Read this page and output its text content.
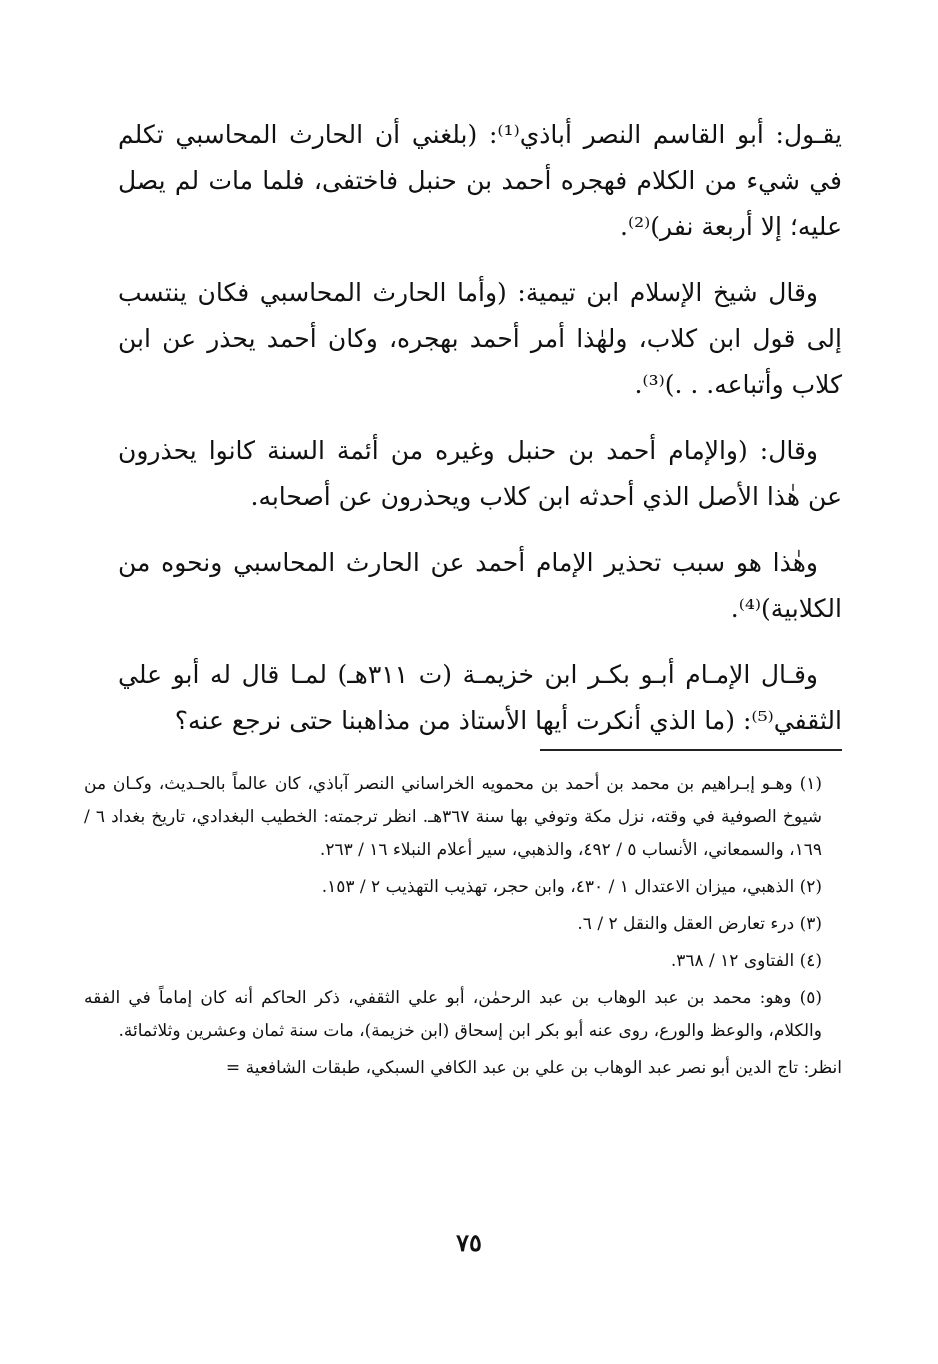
يقـول: أبو القاسم النصر أباذي⁽¹⁾: (بلغني أن الحارث المحاسبي تكلم في شيء من الكلام فهجره أحمد بن حنبل فاختفى، فلما مات لم يصل عليه؛ إلا أربعة نفر)⁽²⁾.

وقال شيخ الإسلام ابن تيمية: (وأما الحارث المحاسبي فكان ينتسب إلى قول ابن كلاب، ولهٰذا أمر أحمد بهجره، وكان أحمد يحذر عن ابن كلاب وأتباعه. . .)⁽³⁾.

وقال: (والإمام أحمد بن حنبل وغيره من أئمة السنة كانوا يحذرون عن هٰذا الأصل الذي أحدثه ابن كلاب ويحذرون عن أصحابه.

وهٰذا هو سبب تحذير الإمام أحمد عن الحارث المحاسبي ونحوه من الكلابية)⁽⁴⁾.

وقـال الإمـام أبـو بكـر ابن خزيمـة (ت ٣١١هـ) لمـا قال له أبو علي الثقفي⁽⁵⁾: (ما الذي أنكرت أيها الأستاذ من مذاهبنا حتى نرجع عنه؟

(١) وهـو إبـراهيم بن محمد بن أحمد بن محمويه الخراساني النصر آباذي، كان عالماً بالحـديث، وكـان من شيوخ الصوفية في وقته، نزل مكة وتوفي بها سنة ٣٦٧هـ. انظر ترجمته: الخطيب البغدادي، تاريخ بغداد ٦ / ١٦٩، والسمعاني، الأنساب ٥ / ٤٩٢، والذهبي، سير أعلام النبلاء ١٦ / ٢٦٣.

(٢) الذهبي، ميزان الاعتدال ١ / ٤٣٠، وابن حجر، تهذيب التهذيب ٢ / ١٥٣.

(٣) درء تعارض العقل والنقل ٢ / ٦.

(٤) الفتاوى ١٢ / ٣٦٨.

(٥) وهو: محمد بن عبد الوهاب بن عبد الرحمٰن، أبو علي الثقفي، ذكر الحاكم أنه كان إماماً في الفقه والكلام، والوعظ والورع، روى عنه أبو بكر ابن إسحاق (ابن خزيمة)، مات سنة ثمان وعشرين وثلاثمائة.

انظر: تاج الدين أبو نصر عبد الوهاب بن علي بن عبد الكافي السبكي، طبقات الشافعية =

٧٥
